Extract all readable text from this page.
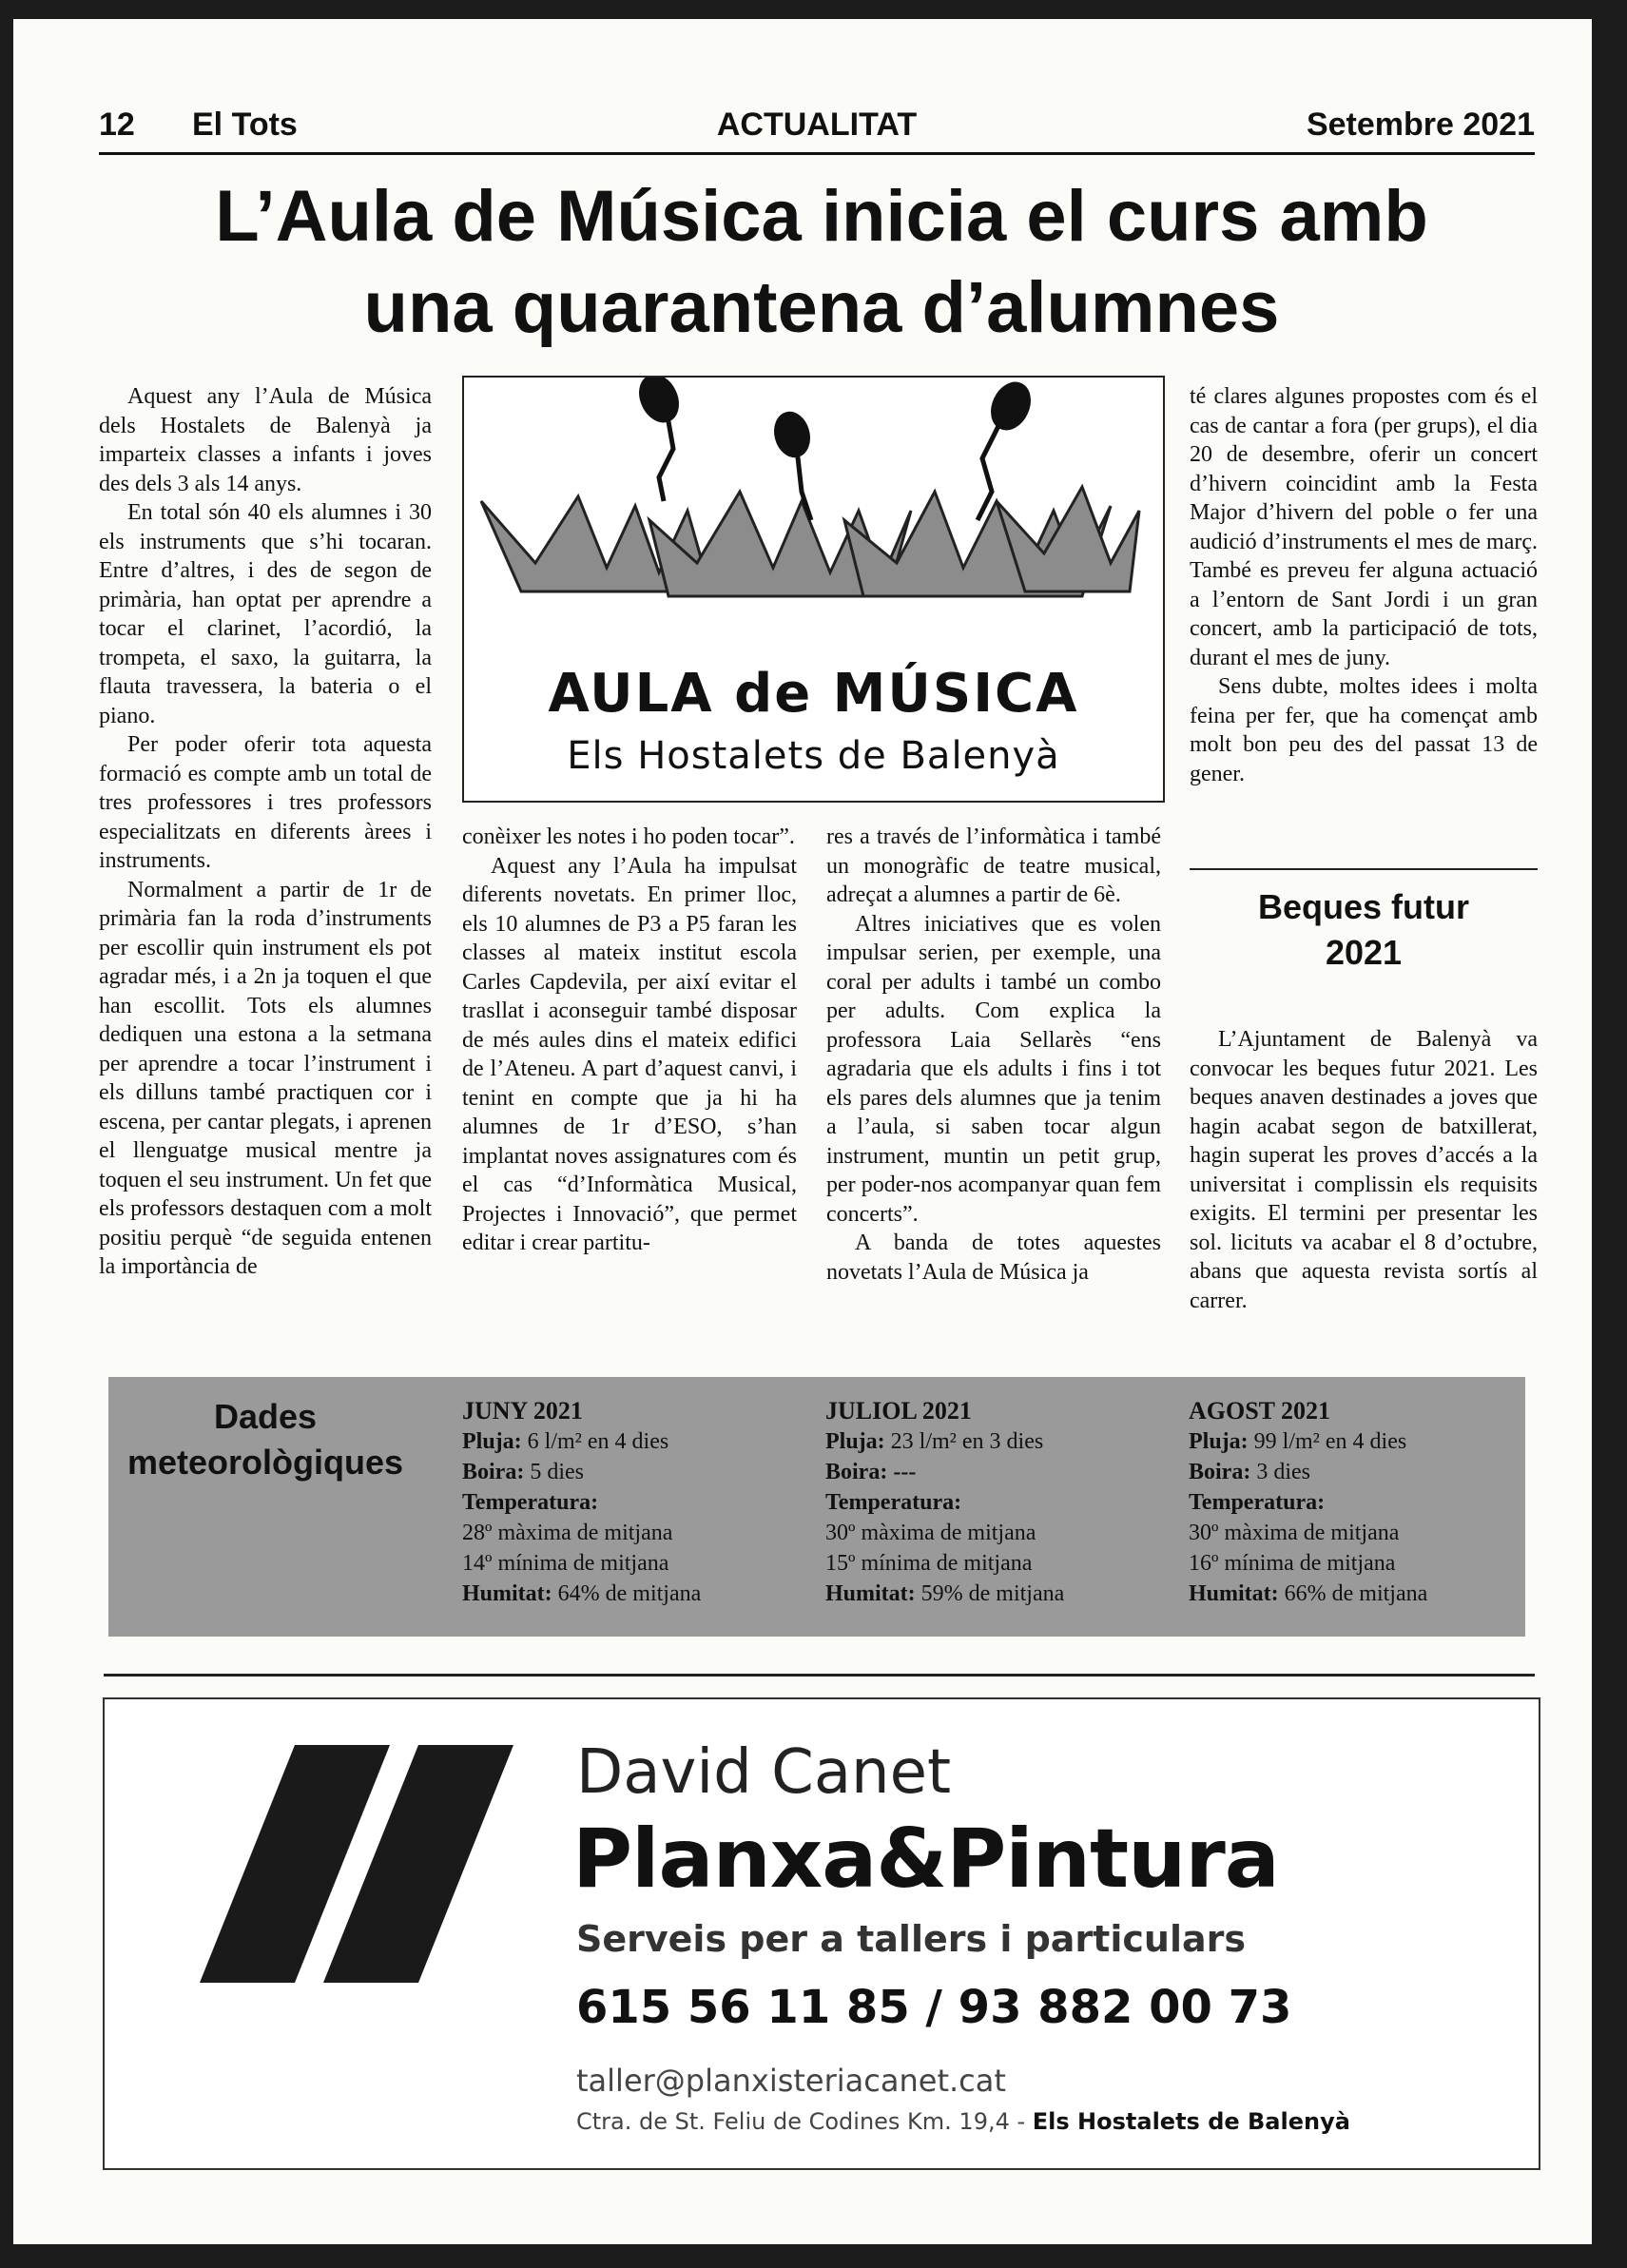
12 El Tots	ACTUALITAT	Setembre 2021
L’Aula de Música inicia el curs amb
una quarantena d’alumnes

Aquest any l’Aula de Música dels Hostalets de Balenyà ja imparteix classes a infants i joves des dels 3 als 14 anys.

En total són 40 els alumnes i 30 els instruments que s’hi tocaran. Entre d’altres, i des de segon de primària, han optat per aprendre a tocar el clarinet, l’acordió, la trompeta, el saxo, la guitarra, la flauta travessera, la bateria o el piano.

Per poder oferir tota aquesta formació es compte amb un total de tres professores i tres professors especialitzats en diferents àrees i instruments.

Normalment a partir de 1r de primària fan la roda d’instruments per escollir quin instrument els pot agradar més, i a 2n ja toquen el que han escollit. Tots els alumnes dediquen una estona a la setmana per aprendre a tocar l’instrument i els dilluns també practiquen cor i escena, per cantar plegats, i aprenen el llenguatge musical mentre ja toquen el seu instrument. Un fet que els professors destaquen com a molt positiu perquè “de seguida entenen la importància de

AULA de MÚSICA
Els Hostalets de Balenyà

conèixer les notes i ho poden tocar”.

Aquest any l’Aula ha impulsat diferents novetats. En primer lloc, els 10 alumnes de P3 a P5 faran les classes al mateix institut escola Carles Capdevila, per així evitar el trasllat i aconseguir també disposar de més aules dins el mateix edifici de l’Ateneu. A part d’aquest canvi, i tenint en compte que ja hi ha alumnes de 1r d’ESO, s’han implantat noves assignatures com és el cas “d’Informàtica Musical, Projectes i Innovació”, que permet editar i crear partitu-

res a través de l’informàtica i també un monogràfic de teatre musical, adreçat a alumnes a partir de 6è.

Altres iniciatives que es volen impulsar serien, per exemple, una coral per adults i també un combo per adults. Com explica la professora Laia Sellarès “ens agradaria que els adults i fins i tot els pares dels alumnes que ja tenim a l’aula, si saben tocar algun instrument, muntin un petit grup, per poder-nos acompanyar quan fem concerts”.

A banda de totes aquestes novetats l’Aula de Música ja

té clares algunes propostes com és el cas de cantar a fora (per grups), el dia 20 de desembre, oferir un concert d’hivern coincidint amb la Festa Major d’hivern del poble o fer una audició d’instruments el mes de març. També es preveu fer alguna actuació a l’entorn de Sant Jordi i un gran concert, amb la participació de tots, durant el mes de juny.

Sens dubte, moltes idees i molta feina per fer, que ha començat amb molt bon peu des del passat 13 de gener.

Beques futur
2021

L’Ajuntament de Balenyà va convocar les beques futur 2021. Les beques anaven destinades a joves que hagin acabat segon de batxillerat, hagin superat les proves d’accés a la universitat i complissin els requisits exigits. El termini per presentar les sol. licituts va acabar el 8 d’octubre, abans que aquesta revista sortís al carrer.

Dades
meteorològiques
JUNY 2021
Pluja: 6 l/m² en 4 dies
Boira: 5 dies
Temperatura:
28º màxima de mitjana
14º mínima de mitjana
Humitat: 64% de mitjana
JULIOL 2021
Pluja: 23 l/m² en 3 dies
Boira: ---
Temperatura:
30º màxima de mitjana
15º mínima de mitjana
Humitat: 59% de mitjana
AGOST 2021
Pluja: 99 l/m² en 4 dies
Boira: 3 dies
Temperatura:
30º màxima de mitjana
16º mínima de mitjana
Humitat: 66% de mitjana
David Canet
Planxa&Pintura
Serveis per a tallers i particulars
615 56 11 85 / 93 882 00 73
taller@planxisteriacanet.cat
Ctra. de St. Feliu de Codines Km. 19,4 - Els Hostalets de Balenyà
